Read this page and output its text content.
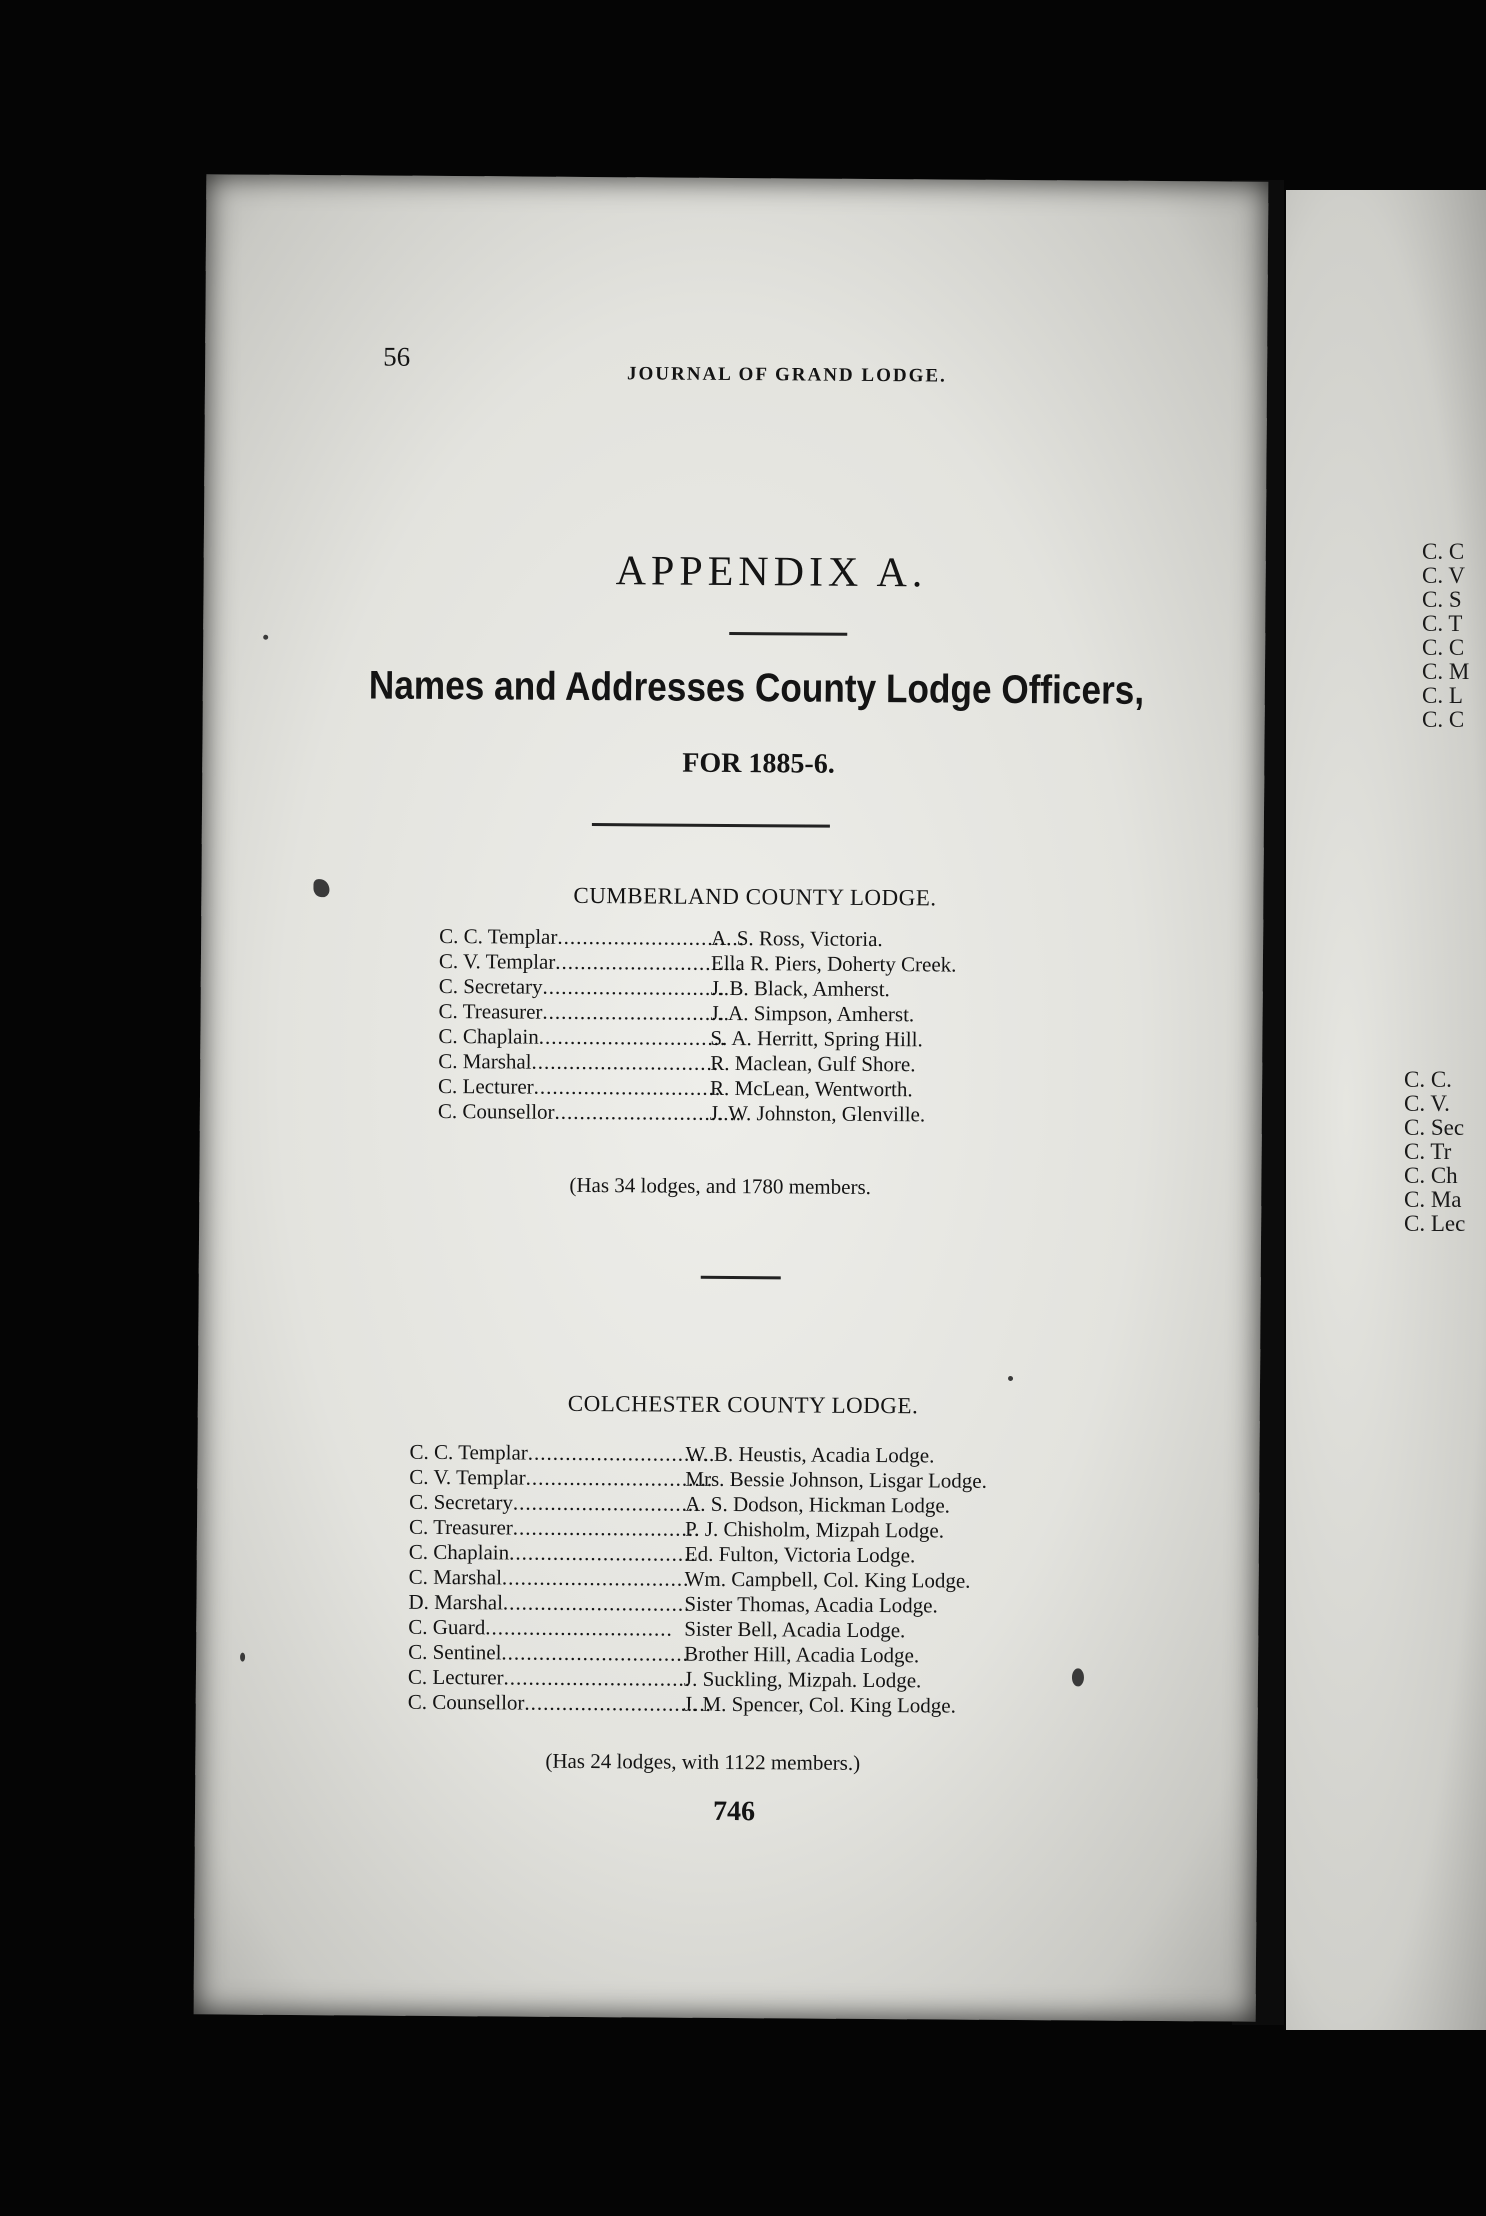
C. C
C. V
C. S
C. T
C. C
C. M
C. L
C. C
C. C.
C. V.
C. Sec
C. Tr
C. Ch
C. Ma
C. Lec
56
JOURNAL OF GRAND LODGE.
APPENDIX A.
Names and Addresses County Lodge Officers,
FOR 1885-6.
CUMBERLAND COUNTY LODGE.
C. C. Templar ..............................
A. S. Ross, Victoria.
C. V. Templar ..............................
Ella R. Piers, Doherty Creek.
C. Secretary ..............................
J. B. Black, Amherst.
C. Treasurer ..............................
J. A. Simpson, Amherst.
C. Chaplain ..............................
S. A. Herritt, Spring Hill.
C. Marshal ..............................
R. Maclean, Gulf Shore.
C. Lecturer ..............................
R. McLean, Wentworth.
C. Counsellor ..............................
J. W. Johnston, Glenville.
(Has 34 lodges, and 1780 members.
COLCHESTER COUNTY LODGE.
C. C. Templar ..............................
W. B. Heustis, Acadia Lodge.
C. V. Templar ..............................
Mrs. Bessie Johnson, Lisgar Lodge.
C. Secretary ..............................
A. S. Dodson, Hickman Lodge.
C. Treasurer ..............................
P. J. Chisholm, Mizpah Lodge.
C. Chaplain ..............................
Ed. Fulton, Victoria Lodge.
C. Marshal ..............................
Wm. Campbell, Col. King Lodge.
D. Marshal ..............................
Sister Thomas, Acadia Lodge.
C. Guard .............................. Sister Bell, Acadia Lodge.
C. Sentinel ..............................
Brother Hill, Acadia Lodge.
C. Lecturer ..............................
J. Suckling, Mizpah. Lodge.
C. Counsellor ..............................
J. M. Spencer, Col. King Lodge.
(Has 24 lodges, with 1122 members.)
746
